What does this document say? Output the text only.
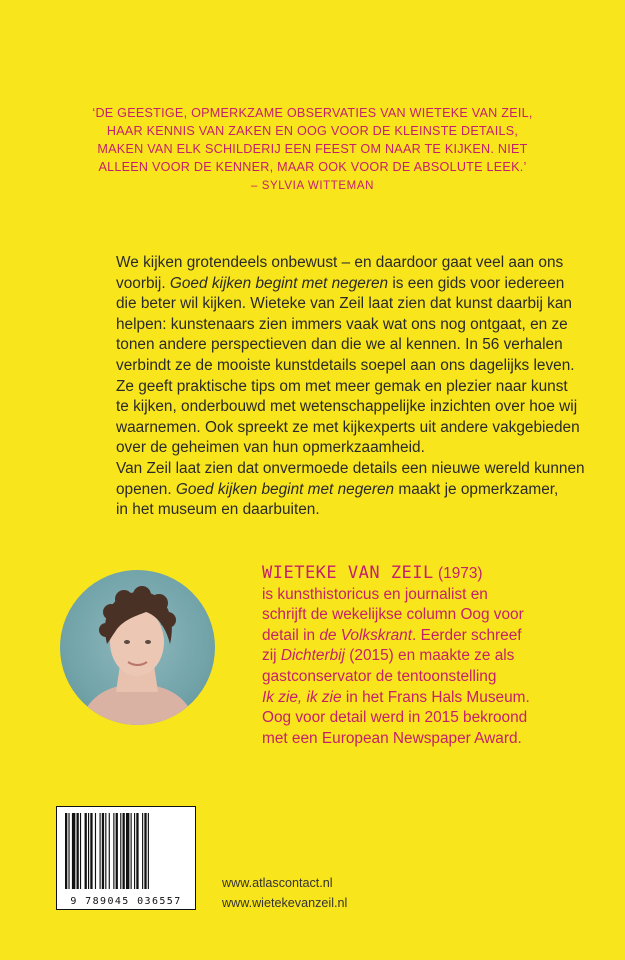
‘DE GEESTIGE, OPMERKZAME OBSERVATIES VAN WIETEKE VAN ZEIL,
HAAR KENNIS VAN ZAKEN EN OOG VOOR DE KLEINSTE DETAILS,
MAKEN VAN ELK SCHILDERIJ EEN FEEST OM NAAR TE KIJKEN. NIET
ALLEEN VOOR DE KENNER, MAAR OOK VOOR DE ABSOLUTE LEEK.’
– SYLVIA WITTEMAN
We kijken grotendeels onbewust – en daardoor gaat veel aan ons
voorbij. Goed kijken begint met negeren is een gids voor iedereen
die beter wil kijken. Wieteke van Zeil laat zien dat kunst daarbij kan
helpen: kunstenaars zien immers vaak wat ons nog ontgaat, en ze
tonen andere perspectieven dan die we al kennen. In 56 verhalen
verbindt ze de mooiste kunstdetails soepel aan ons dagelijks leven.
Ze geeft praktische tips om met meer gemak en plezier naar kunst
te kijken, onderbouwd met wetenschappelijke inzichten over hoe wij
waarnemen. Ook spreekt ze met kijkexperts uit andere vakgebieden
over de geheimen van hun opmerkzaamheid.
Van Zeil laat zien dat onvermoede details een nieuwe wereld kunnen
openen. Goed kijken begint met negeren maakt je opmerkzamer,
in het museum en daarbuiten.
WIETEKE VAN ZEIL (1973)
is kunsthistoricus en journalist en
schrijft de wekelijkse column Oog voor
detail in de Volkskrant. Eerder schreef
zij Dichterbij (2015) en maakte ze als
gastconservator de tentoonstelling
Ik zie, ik zie in het Frans Hals Museum.
Oog voor detail werd in 2015 bekroond
met een European Newspaper Award.
9 789045 036557
www.atlascontact.nl
www.wietekevanzeil.nl
